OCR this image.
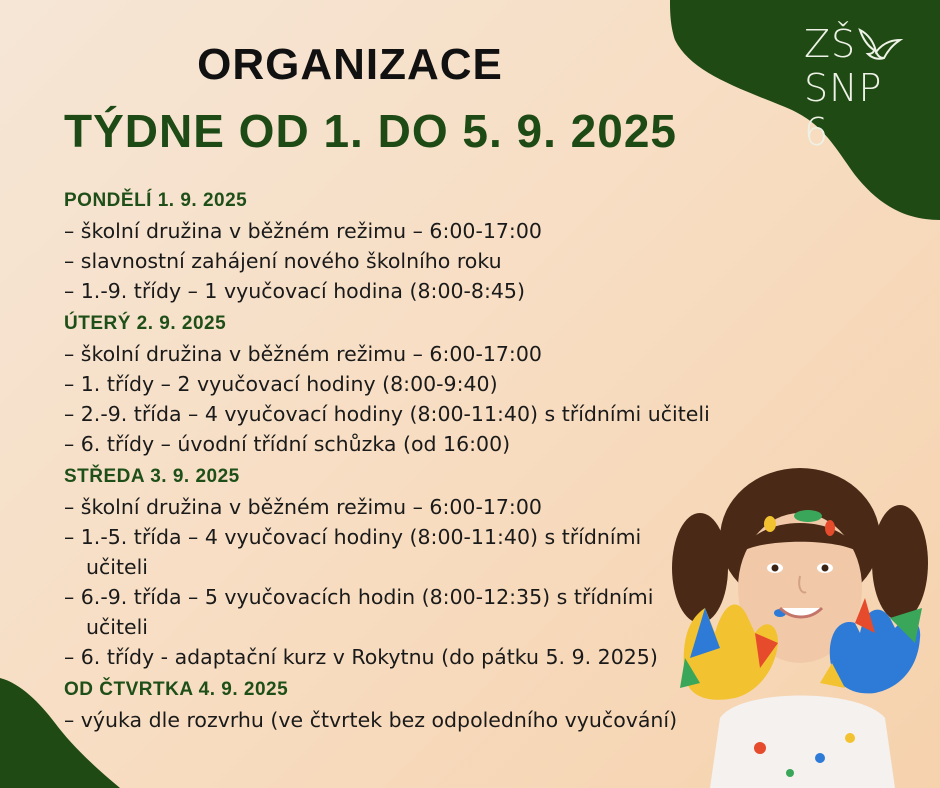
ZŠ
SNP 6
ORGANIZACE
TÝDNE OD 1. DO 5. 9. 2025
PONDĚLÍ 1. 9. 2025
– školní družina v běžném režimu – 6:00-17:00
– slavnostní zahájení nového školního roku
– 1.-9. třídy – 1 vyučovací hodina (8:00-8:45)
ÚTERÝ 2. 9. 2025
– školní družina v běžném režimu – 6:00-17:00
– 1. třídy – 2 vyučovací hodiny (8:00-9:40)
– 2.-9. třída – 4 vyučovací hodiny (8:00-11:40) s třídními učiteli
– 6. třídy – úvodní třídní schůzka (od 16:00)
STŘEDA 3. 9. 2025
– školní družina v běžném režimu – 6:00-17:00
– 1.-5. třída – 4 vyučovací hodiny (8:00-11:40) s třídními učiteli
– 6.-9. třída – 5 vyučovacích hodin (8:00-12:35) s třídními učiteli
– 6. třídy - adaptační kurz v Rokytnu (do pátku 5. 9. 2025)
OD ČTVRTKA 4. 9. 2025
– výuka dle rozvrhu (ve čtvrtek bez odpoledního vyučování)
